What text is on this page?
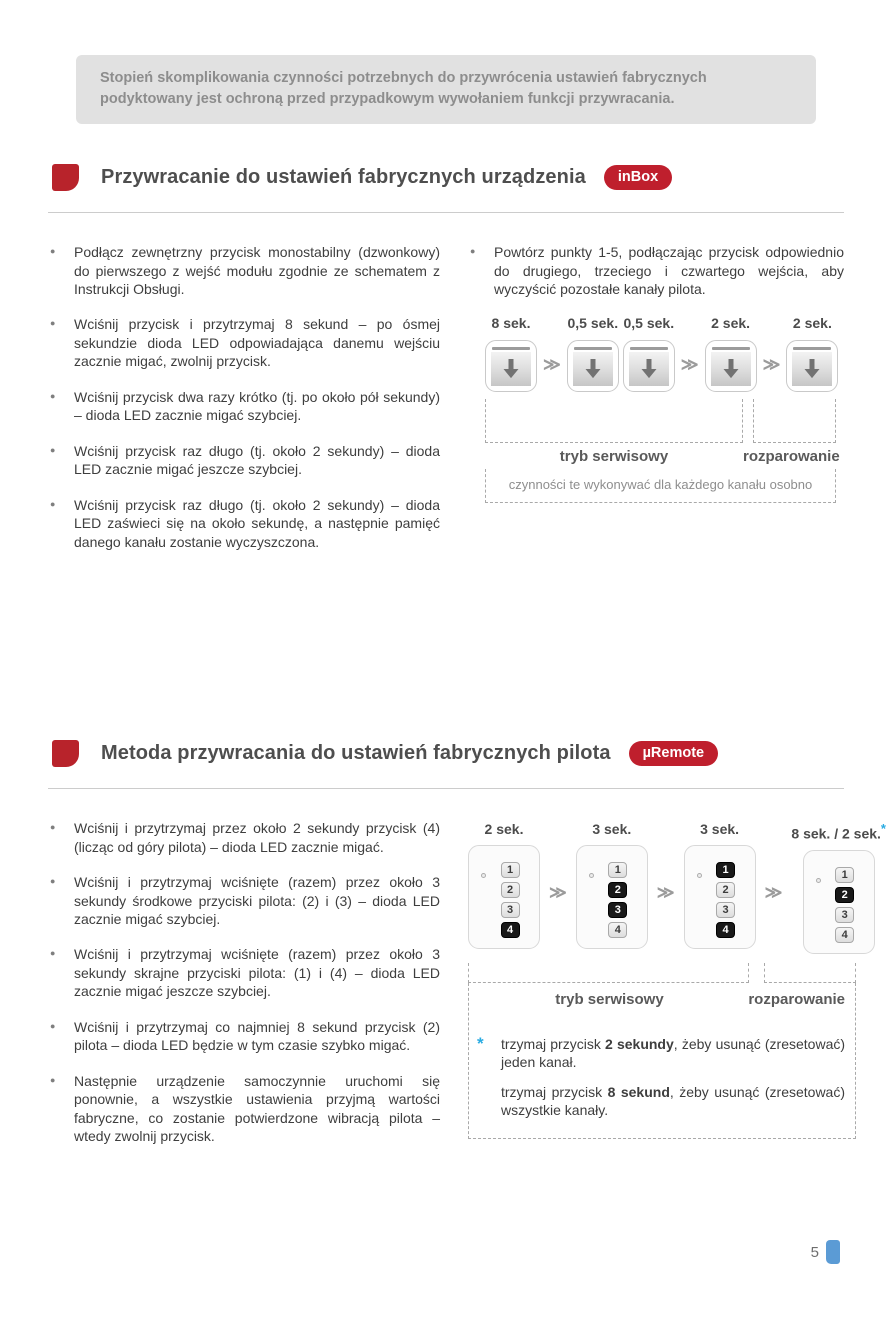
Stopień skomplikowania czynności potrzebnych do przywrócenia ustawień fabrycznych podyktowany jest ochroną przed przypadkowym wywołaniem funkcji przywracania.
Przywracanie do ustawień fabrycznych urządzenia	inBox
● Podłącz zewnętrzny przycisk monostabilny (dzwonkowy) do pierwszego z wejść modułu zgodnie ze schematem z Instrukcji Obsługi.
● Wciśnij przycisk i przytrzymaj 8 sekund – po ósmej sekundzie dioda LED odpowiadająca danemu wejściu zacznie migać, zwolnij przycisk.
● Wciśnij przycisk dwa razy krótko (tj. po około pół sekundy) – dioda LED zacznie migać szybciej.
● Wciśnij przycisk raz długo (tj. około 2 sekundy) – dioda LED zacznie migać jeszcze szybciej.
● Wciśnij przycisk raz długo (tj. około 2 sekundy) – dioda LED zaświeci się na około sekundę, a następnie pamięć danego kanału zostanie wyczyszczona.
● Powtórz punkty 1-5, podłączając przycisk odpowiednio do drugiego, trzeciego i czwartego wejścia, aby wyczyścić pozostałe kanały pilota.
8 sek.
≫
0,5 sek. 0,5 sek.
≫
2 sek.
≫
2 sek.
tryb serwisowy	rozparowanie
czynności te wykonywać dla każdego kanału osobno
Metoda przywracania do ustawień fabrycznych pilota	µRemote
● Wciśnij i przytrzymaj przez około 2 sekundy przycisk (4) (licząc od góry pilota) – dioda LED zacznie migać.
● Wciśnij i przytrzymaj wciśnięte (razem) przez około 3 sekundy środkowe przyciski pilota: (2) i (3) – dioda LED zacznie migać szybciej.
● Wciśnij i przytrzymaj wciśnięte (razem) przez około 3 sekundy skrajne przyciski pilota: (1) i (4) – dioda LED zacznie migać jeszcze szybciej.
● Wciśnij i przytrzymaj co najmniej 8 sekund przycisk (2) pilota – dioda LED będzie w tym czasie szybko migać.
● Następnie urządzenie samoczynnie uruchomi się ponownie, a wszystkie ustawienia przyjmą wartości fabryczne, co zostanie potwierdzone wibracją pilota – wtedy zwolnij przycisk.
2 sek.
1
2
3
4
≫
3 sek.
1
2
3
4
≫
3 sek.
1
2
3
4
≫
8 sek. / 2 sek.*
1
2
3
4
tryb serwisowy	rozparowanie
*	trzymaj przycisk 2 sekundy, żeby usunąć (zresetować) jeden kanał.
trzymaj przycisk 8 sekund, żeby usunąć (zresetować) wszystkie kanały.
5
